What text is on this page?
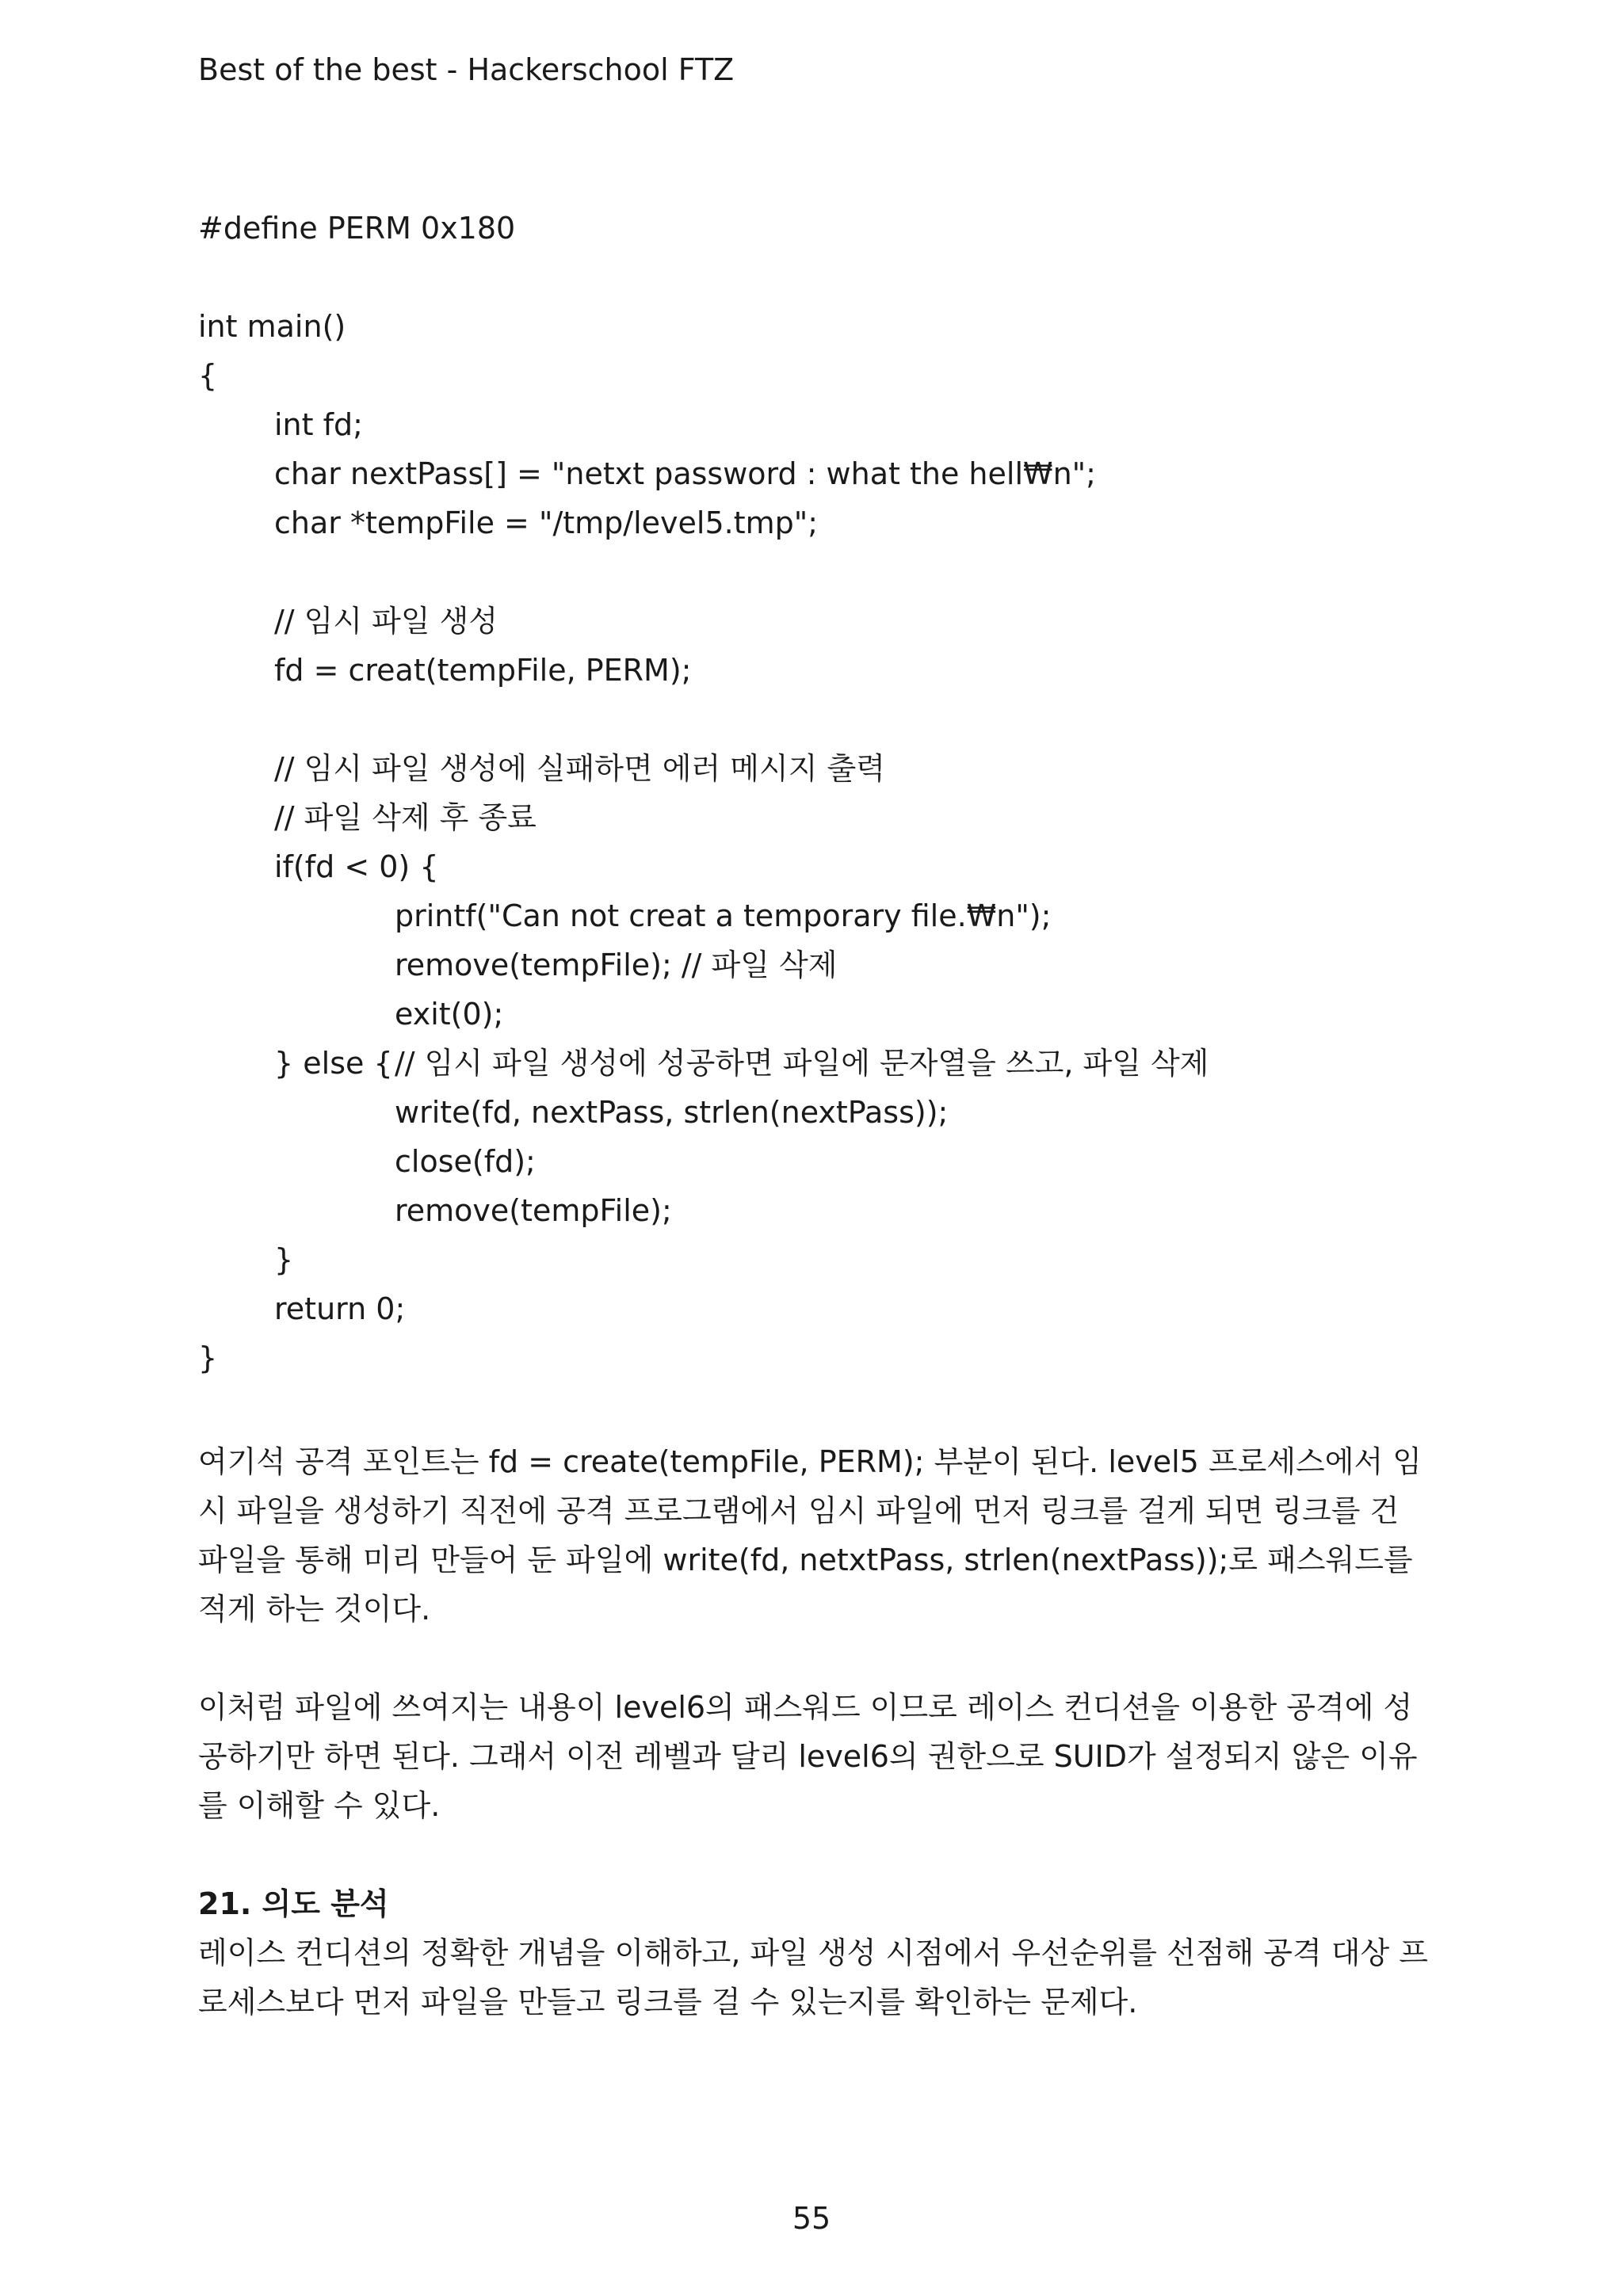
Best of the best - Hackerschool FTZ
#define PERM 0x180
int main()
{
int fd;
char nextPass[] = "netxt password : what the hell₩n";
char *tempFile = "/tmp/level5.tmp";
// 임시 파일 생성
fd = creat(tempFile, PERM);
// 임시 파일 생성에 실패하면 에러 메시지 출력
// 파일 삭제 후 종료
if(fd < 0) {
printf("Can not creat a temporary file.₩n");
remove(tempFile); // 파일 삭제
exit(0);
} else { // 임시 파일 생성에 성공하면 파일에 문자열을 쓰고, 파일 삭제
write(fd, nextPass, strlen(nextPass));
close(fd);
remove(tempFile);
}
return 0;
}
여기석 공격 포인트는 fd = create(tempFile, PERM); 부분이 된다. level5 프로세스에서 임시 파일을 생성하기 직전에 공격 프로그램에서 임시 파일에 먼저 링크를 걸게 되면 링크를 건 파일을 통해 미리 만들어 둔 파일에 write(fd, netxtPass, strlen(nextPass));로 패스워드를 적게 하는 것이다.
이처럼 파일에 쓰여지는 내용이 level6의 패스워드 이므로 레이스 컨디션을 이용한 공격에 성공하기만 하면 된다. 그래서 이전 레벨과 달리 level6의 권한으로 SUID가 설정되지 않은 이유를 이해할 수 있다.
21. 의도 분석
레이스 컨디션의 정확한 개념을 이해하고, 파일 생성 시점에서 우선순위를 선점해 공격 대상 프로세스보다 먼저 파일을 만들고 링크를 걸 수 있는지를 확인하는 문제다.
55
